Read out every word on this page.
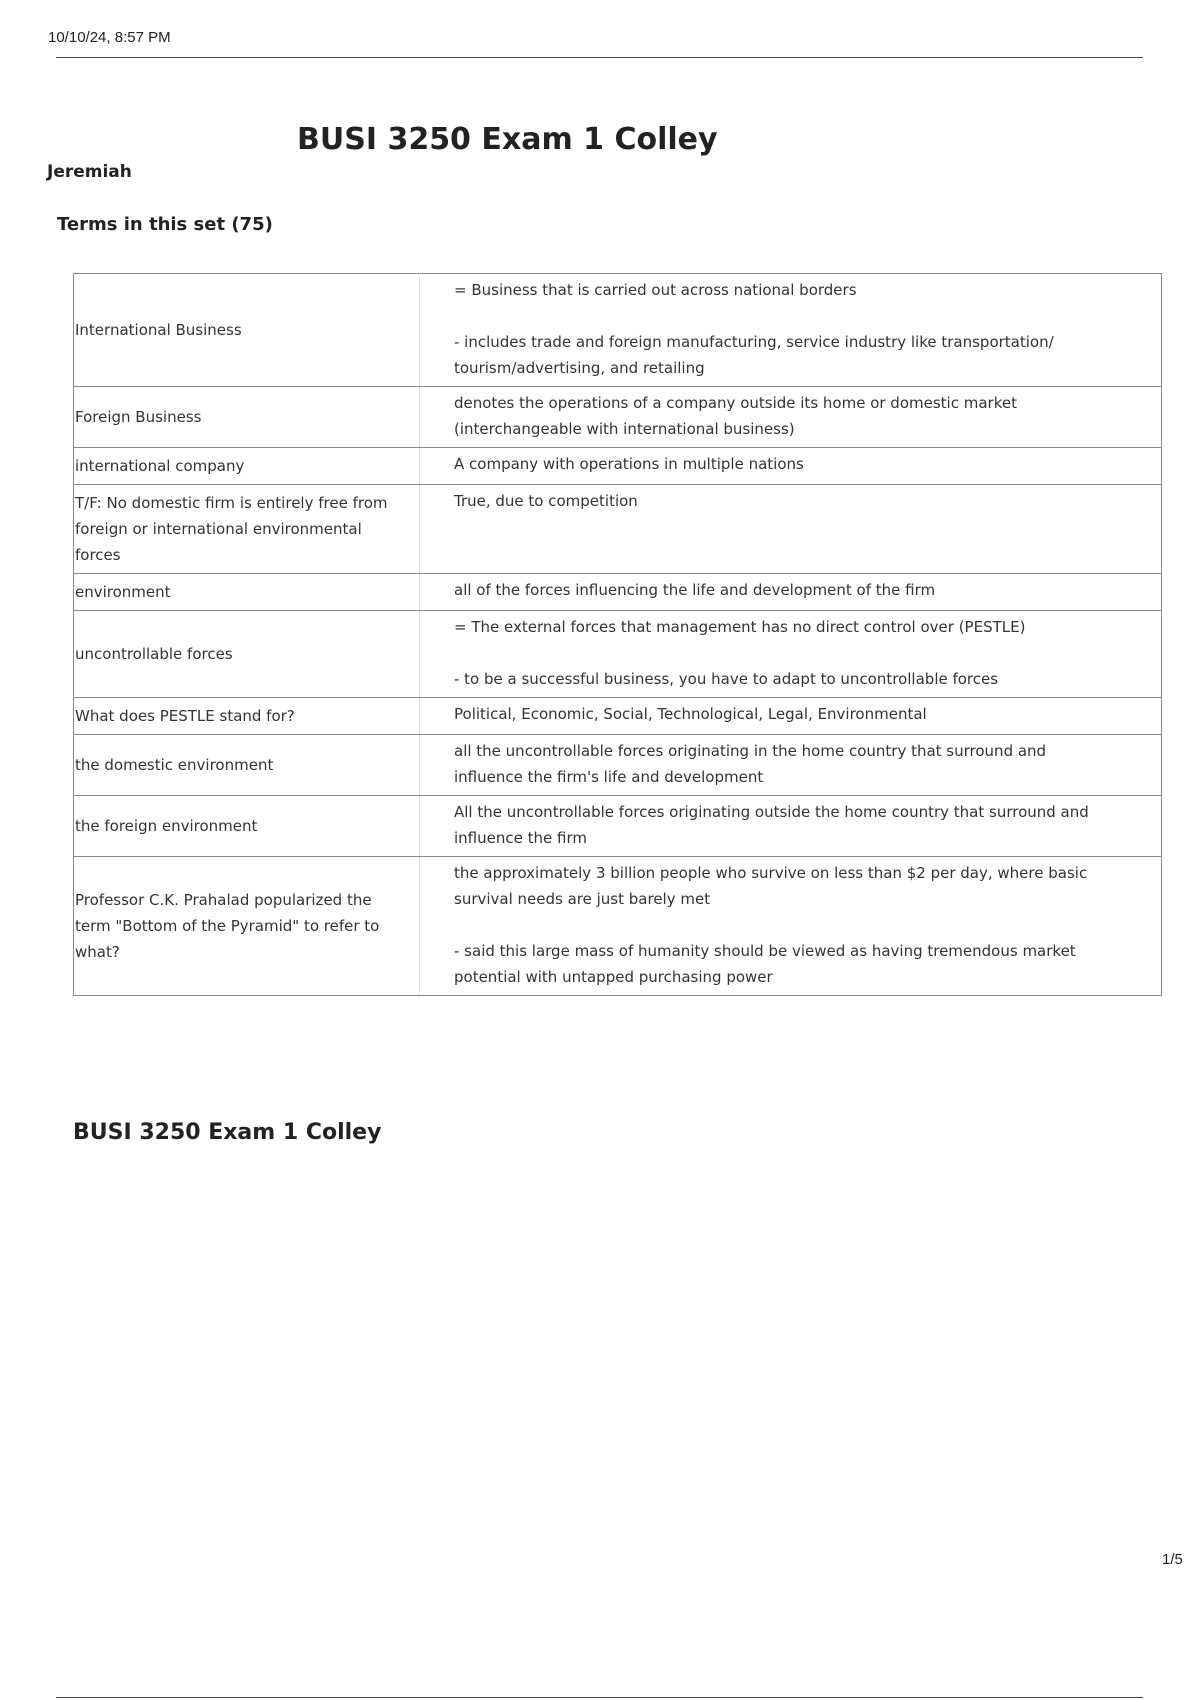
10/10/24, 8:57 PM
BUSI 3250 Exam 1 Colley
Jeremiah
Terms in this set (75)
International Business	= Business that is carried out across national borders

- includes trade and foreign manufacturing, service industry like transportation/
tourism/advertising, and retailing
Foreign Business	denotes the operations of a company outside its home or domestic market
(interchangeable with international business)
international company	A company with operations in multiple nations
T/F: No domestic firm is entirely free from foreign or international environmental forces	True, due to competition
environment	all of the forces influencing the life and development of the firm
uncontrollable forces	= The external forces that management has no direct control over (PESTLE)

- to be a successful business, you have to adapt to uncontrollable forces
What does PESTLE stand for?	Political, Economic, Social, Technological, Legal, Environmental
the domestic environment	all the uncontrollable forces originating in the home country that surround and
influence the firm's life and development
the foreign environment	All the uncontrollable forces originating outside the home country that surround and
influence the firm
Professor C.K. Prahalad popularized the term "Bottom of the Pyramid" to refer to what?	the approximately 3 billion people who survive on less than $2 per day, where basic
survival needs are just barely met

- said this large mass of humanity should be viewed as having tremendous market
potential with untapped purchasing power
BUSI 3250 Exam 1 Colley
1/5
